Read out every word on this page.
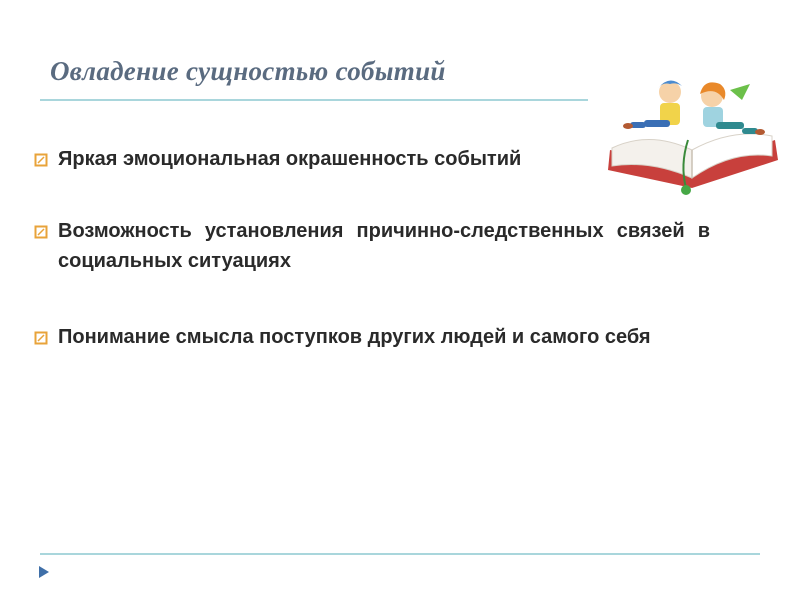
Овладение сущностью событий
Яркая эмоциональная окрашенность событий
Возможность установления причинно-следственных связей в социальных ситуациях
Понимание смысла поступков других людей и самого себя
